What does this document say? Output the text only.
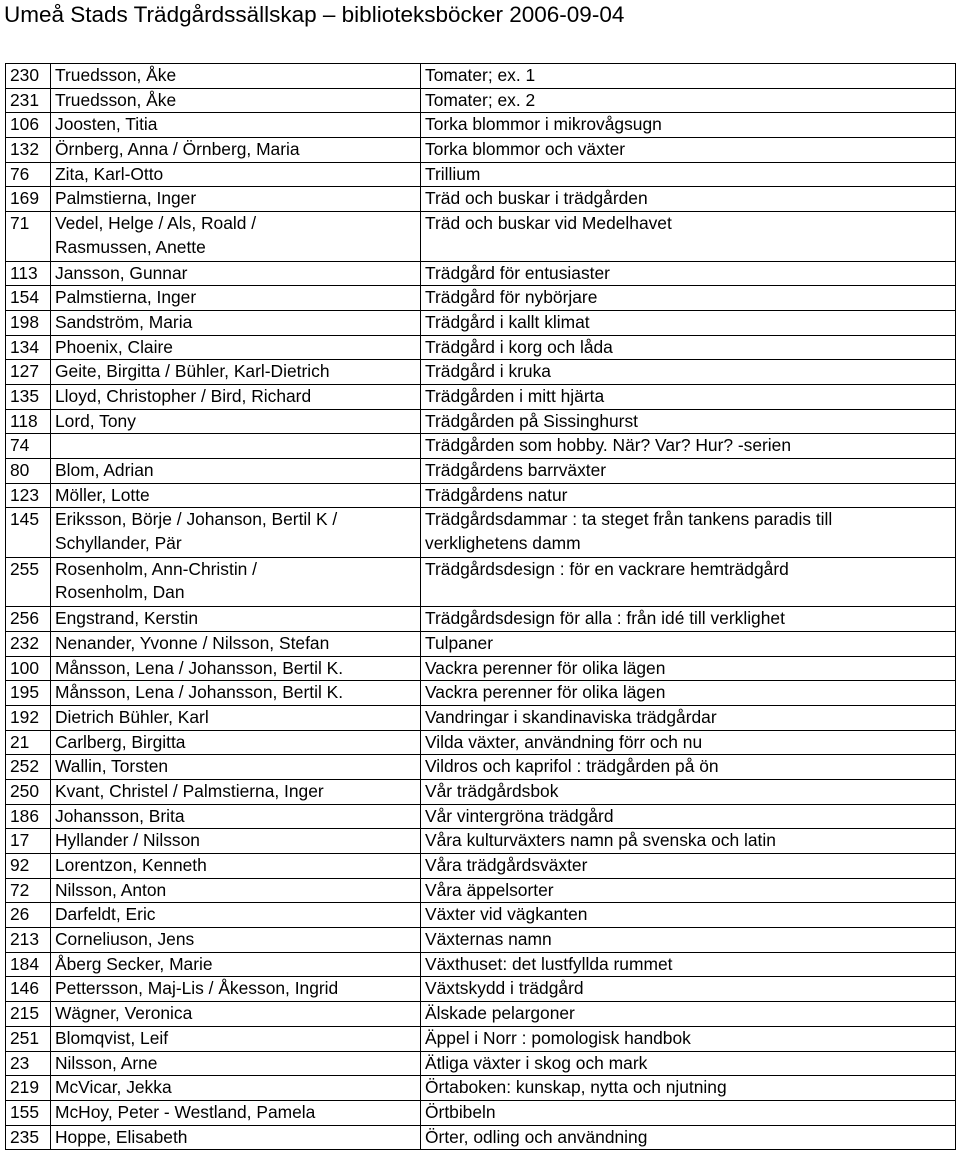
Umeå Stads Trädgårdssällskap – biblioteksböcker 2006-09-04
230	Truedsson, Åke	Tomater; ex. 1
231	Truedsson, Åke	Tomater; ex. 2
106	Joosten, Titia	Torka blommor i mikrovågsugn
132	Örnberg, Anna / Örnberg, Maria	Torka blommor och växter
76	Zita, Karl-Otto	Trillium
169	Palmstierna, Inger	Träd och buskar i trädgården
71	Vedel, Helge / Als, Roald /
Rasmussen, Anette	Träd och buskar vid Medelhavet
113	Jansson, Gunnar	Trädgård för entusiaster
154	Palmstierna, Inger	Trädgård för nybörjare
198	Sandström, Maria	Trädgård i kallt klimat
134	Phoenix, Claire	Trädgård i korg och låda
127	Geite, Birgitta / Bühler, Karl-Dietrich	Trädgård i kruka
135	Lloyd, Christopher / Bird, Richard	Trädgården i mitt hjärta
118	Lord, Tony	Trädgården på Sissinghurst
74		Trädgården som hobby. När? Var? Hur? -serien
80	Blom, Adrian	Trädgårdens barrväxter
123	Möller, Lotte	Trädgårdens natur
145	Eriksson, Börje / Johanson, Bertil K /
Schyllander, Pär	Trädgårdsdammar : ta steget från tankens paradis till
verklighetens damm
255	Rosenholm, Ann-Christin /
Rosenholm, Dan	Trädgårdsdesign : för en vackrare hemträdgård
256	Engstrand, Kerstin	Trädgårdsdesign för alla : från idé till verklighet
232	Nenander, Yvonne / Nilsson, Stefan	Tulpaner
100	Månsson, Lena / Johansson, Bertil K.	Vackra perenner för olika lägen
195	Månsson, Lena / Johansson, Bertil K.	Vackra perenner för olika lägen
192	Dietrich Bühler, Karl	Vandringar i skandinaviska trädgårdar
21	Carlberg, Birgitta	Vilda växter, användning förr och nu
252	Wallin, Torsten	Vildros och kaprifol : trädgården på ön
250	Kvant, Christel / Palmstierna, Inger	Vår trädgårdsbok
186	Johansson, Brita	Vår vintergröna trädgård
17	Hyllander / Nilsson	Våra kulturväxters namn på svenska och latin
92	Lorentzon, Kenneth	Våra trädgårdsväxter
72	Nilsson, Anton	Våra äppelsorter
26	Darfeldt, Eric	Växter vid vägkanten
213	Corneliuson, Jens	Växternas namn
184	Åberg Secker, Marie	Växthuset: det lustfyllda rummet
146	Pettersson, Maj-Lis / Åkesson, Ingrid	Växtskydd i trädgård
215	Wägner, Veronica	Älskade pelargoner
251	Blomqvist, Leif	Äppel i Norr : pomologisk handbok
23	Nilsson, Arne	Ätliga växter i skog och mark
219	McVicar, Jekka	Örtaboken: kunskap, nytta och njutning
155	McHoy, Peter - Westland, Pamela	Örtbibeln
235	Hoppe, Elisabeth	Örter, odling och användning
